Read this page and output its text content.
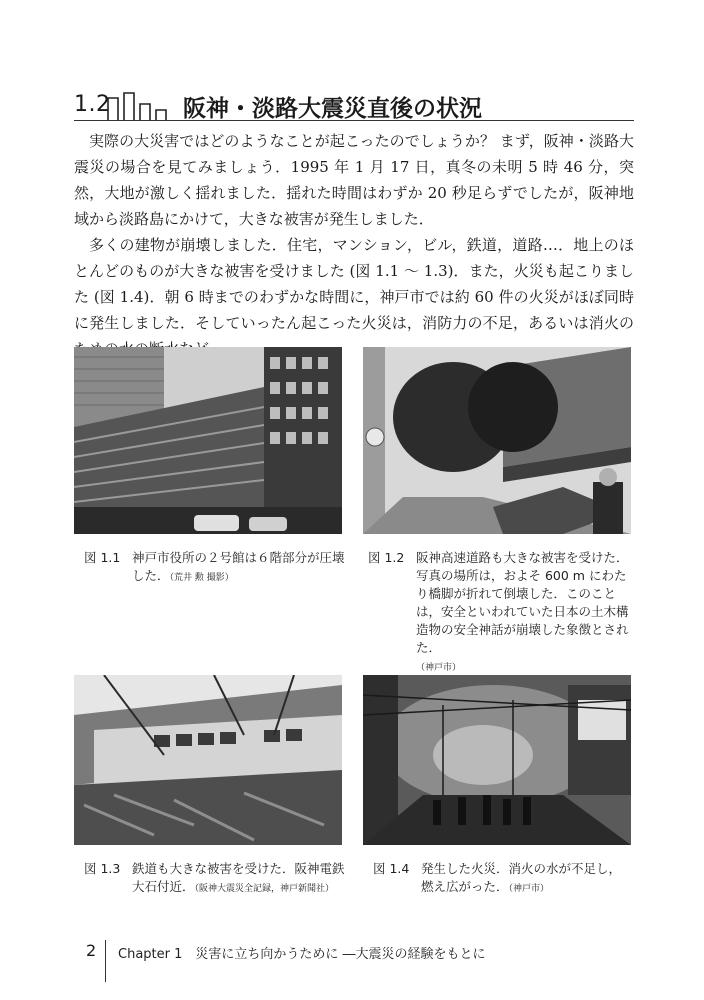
1.2	阪神・淡路大震災直後の状況

実際の大災害ではどのようなことが起こったのでしょうか？ まず，阪神・淡路大震災の場合を見てみましょう．1995 年 1 月 17 日，真冬の未明 5 時 46 分，突然，大地が激しく揺れました．揺れた時間はわずか 20 秒足らずでしたが，阪神地域から淡路島にかけて，大きな被害が発生しました．

多くの建物が崩壊しました．住宅，マンション，ビル，鉄道，道路…．地上のほとんどのものが大きな被害を受けました (図 1.1 ～ 1.3)．また，火災も起こりました (図 1.4)．朝 6 時までのわずかな時間に，神戸市では約 60 件の火災がほぼ同時に発生しました．そしていったん起こった火災は，消防力の不足，あるいは消火の

図 1.1 神戸市役所の２号館は６階部分が圧壊した．（荒井 勲 撮影）
図 1.2 阪神高速道路も大きな被害を受けた．写真の場所は，およそ 600 m にわたり橋脚が折れて倒壊した．このことは，安全といわれていた日本の土木構造物の安全神話が崩壊した象徴とされた．
（神戸市）
図 1.3 鉄道も大きな被害を受けた．阪神電鉄大石付近．（阪神大震災全記録，神戸新聞社）
図 1.4 発生した火災．消火の水が不足し，燃え広がった．（神戸市）
2 Chapter 1　災害に立ち向かうために ―大震災の経験をもとに
